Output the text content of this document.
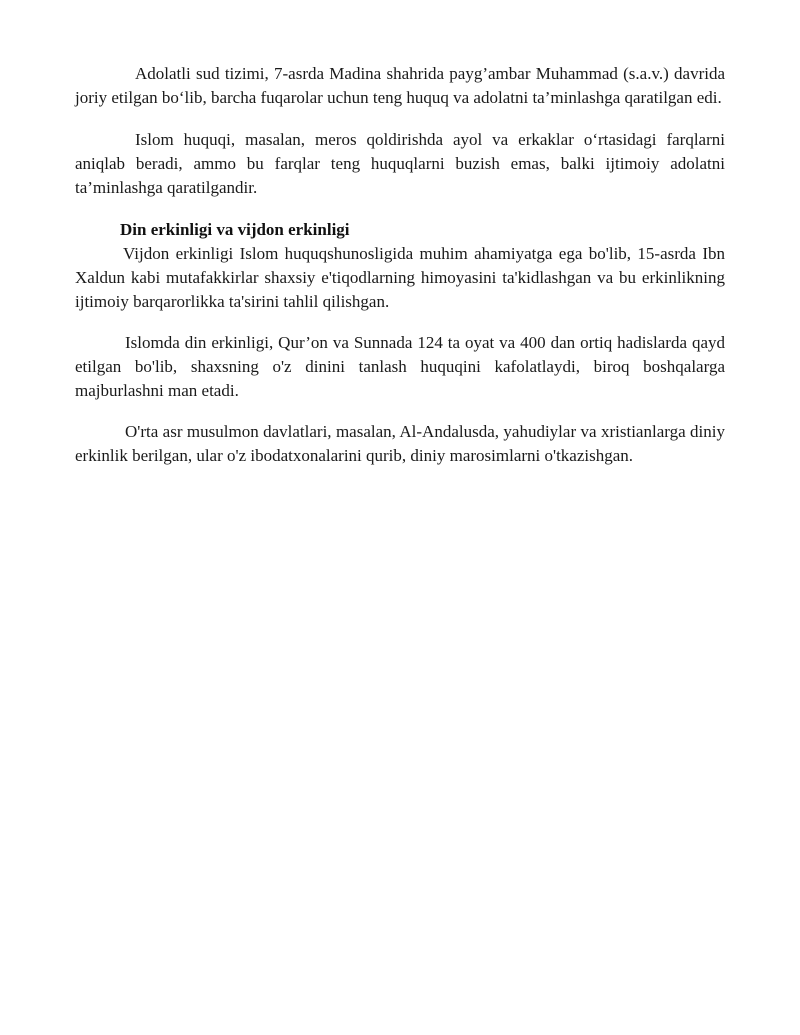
Adolatli sud tizimi, 7-asrda Madina shahrida payg’ambar Muhammad (s.a.v.) davrida joriy etilgan bo‘lib, barcha fuqarolar uchun teng huquq va adolatni ta’minlashga qaratilgan edi.

Islom huquqi, masalan, meros qoldirishda ayol va erkaklar o‘rtasidagi farqlarni aniqlab beradi, ammo bu farqlar teng huquqlarni buzish emas, balki ijtimoiy adolatni ta’minlashga qaratilgandir.

Din erkinligi va vijdon erkinligi

Vijdon erkinligi Islom huquqshunosligida muhim ahamiyatga ega bo'lib, 15-asrda Ibn Xaldun kabi mutafakkirlar shaxsiy e'tiqodlarning himoyasini ta'kidlashgan va bu erkinlikning ijtimoiy barqarorlikka ta'sirini tahlil qilishgan.

Islomda din erkinligi, Qur’on va Sunnada 124 ta oyat va 400 dan ortiq hadislarda qayd etilgan bo'lib, shaxsning o'z dinini tanlash huquqini kafolatlaydi, biroq boshqalarga majburlashni man etadi.

O'rta asr musulmon davlatlari, masalan, Al-Andalusda, yahudiylar va xristianlarga diniy erkinlik berilgan, ular o'z ibodatxonalarini qurib, diniy marosimlarni o'tkazishgan.
